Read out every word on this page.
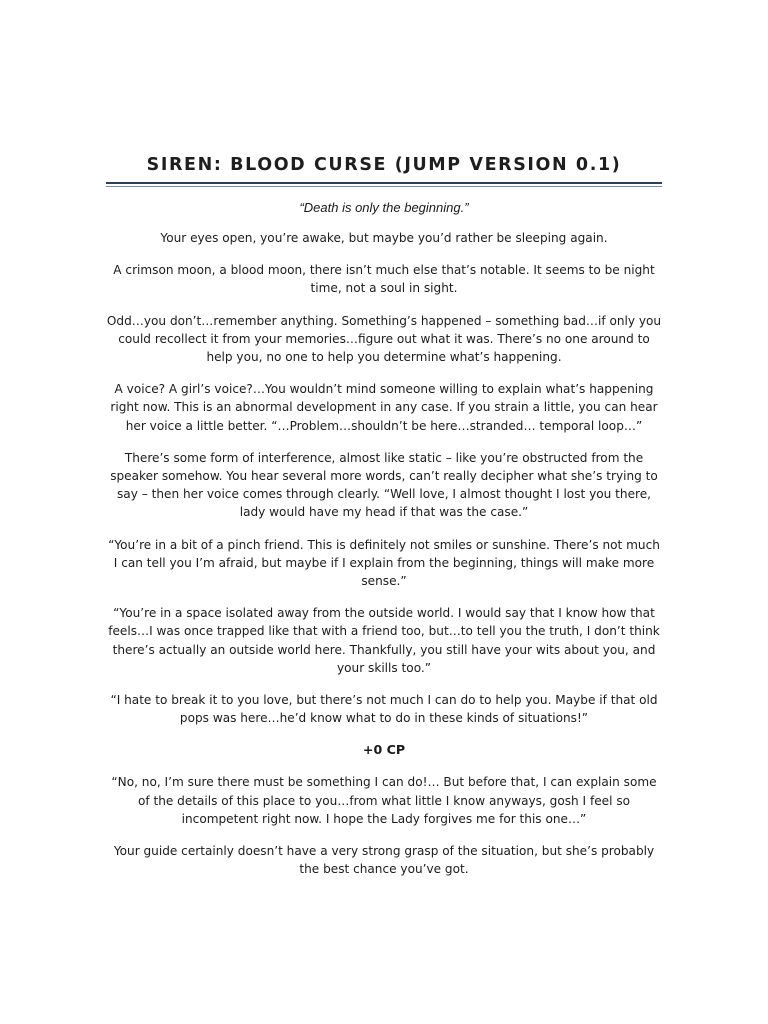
SIREN: BLOOD CURSE (JUMP VERSION 0.1)

“Death is only the beginning.”

Your eyes open, you’re awake, but maybe you’d rather be sleeping again.

A crimson moon, a blood moon, there isn’t much else that’s notable. It seems to be night time, not a soul in sight.

Odd…you don’t…remember anything. Something’s happened – something bad…if only you could recollect it from your memories…figure out what it was. There’s no one around to help you, no one to help you determine what’s happening.

A voice? A girl’s voice?…You wouldn’t mind someone willing to explain what’s happening right now. This is an abnormal development in any case. If you strain a little, you can hear her voice a little better. “…Problem…shouldn’t be here…stranded… temporal loop…”

There’s some form of interference, almost like static – like you’re obstructed from the speaker somehow. You hear several more words, can’t really decipher what she’s trying to say – then her voice comes through clearly. “Well love, I almost thought I lost you there, lady would have my head if that was the case.”

“You’re in a bit of a pinch friend. This is definitely not smiles or sunshine. There’s not much I can tell you I’m afraid, but maybe if I explain from the beginning, things will make more sense.”

“You’re in a space isolated away from the outside world. I would say that I know how that feels…I was once trapped like that with a friend too, but…to tell you the truth, I don’t think there’s actually an outside world here. Thankfully, you still have your wits about you, and your skills too.”

“I hate to break it to you love, but there’s not much I can do to help you. Maybe if that old pops was here…he’d know what to do in these kinds of situations!”

+0 CP

“No, no, I’m sure there must be something I can do!… But before that, I can explain some of the details of this place to you…from what little I know anyways, gosh I feel so incompetent right now. I hope the Lady forgives me for this one…”

Your guide certainly doesn’t have a very strong grasp of the situation, but she’s probably the best chance you’ve got.
